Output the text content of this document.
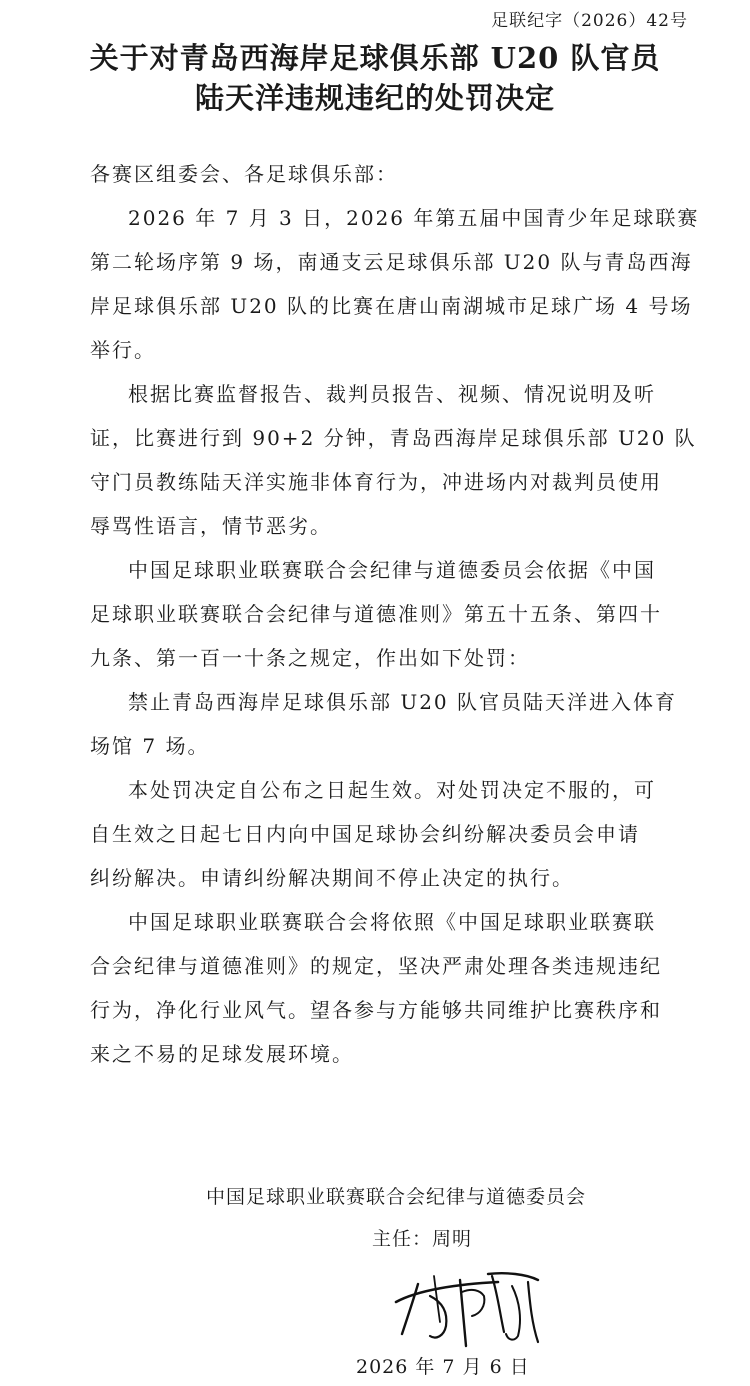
足联纪字（2026）42号
关于对青岛西海岸足球俱乐部 U20 队官员
陆天洋违规违纪的处罚决定
各赛区组委会、各足球俱乐部：
2026 年 7 月 3 日，2026 年第五届中国青少年足球联赛
第二轮场序第 9 场，南通支云足球俱乐部 U20 队与青岛西海
岸足球俱乐部 U20 队的比赛在唐山南湖城市足球广场 4 号场
举行。
根据比赛监督报告、裁判员报告、视频、情况说明及听
证，比赛进行到 90+2 分钟，青岛西海岸足球俱乐部 U20 队
守门员教练陆天洋实施非体育行为，冲进场内对裁判员使用
辱骂性语言，情节恶劣。
中国足球职业联赛联合会纪律与道德委员会依据《中国
足球职业联赛联合会纪律与道德准则》第五十五条、第四十
九条、第一百一十条之规定，作出如下处罚：
禁止青岛西海岸足球俱乐部 U20 队官员陆天洋进入体育
场馆 7 场。
本处罚决定自公布之日起生效。对处罚决定不服的，可
自生效之日起七日内向中国足球协会纠纷解决委员会申请
纠纷解决。申请纠纷解决期间不停止决定的执行。
中国足球职业联赛联合会将依照《中国足球职业联赛联
合会纪律与道德准则》的规定，坚决严肃处理各类违规违纪
行为，净化行业风气。望各参与方能够共同维护比赛秩序和
来之不易的足球发展环境。
中国足球职业联赛联合会纪律与道德委员会
主任：周明
2026 年 7 月 6 日
